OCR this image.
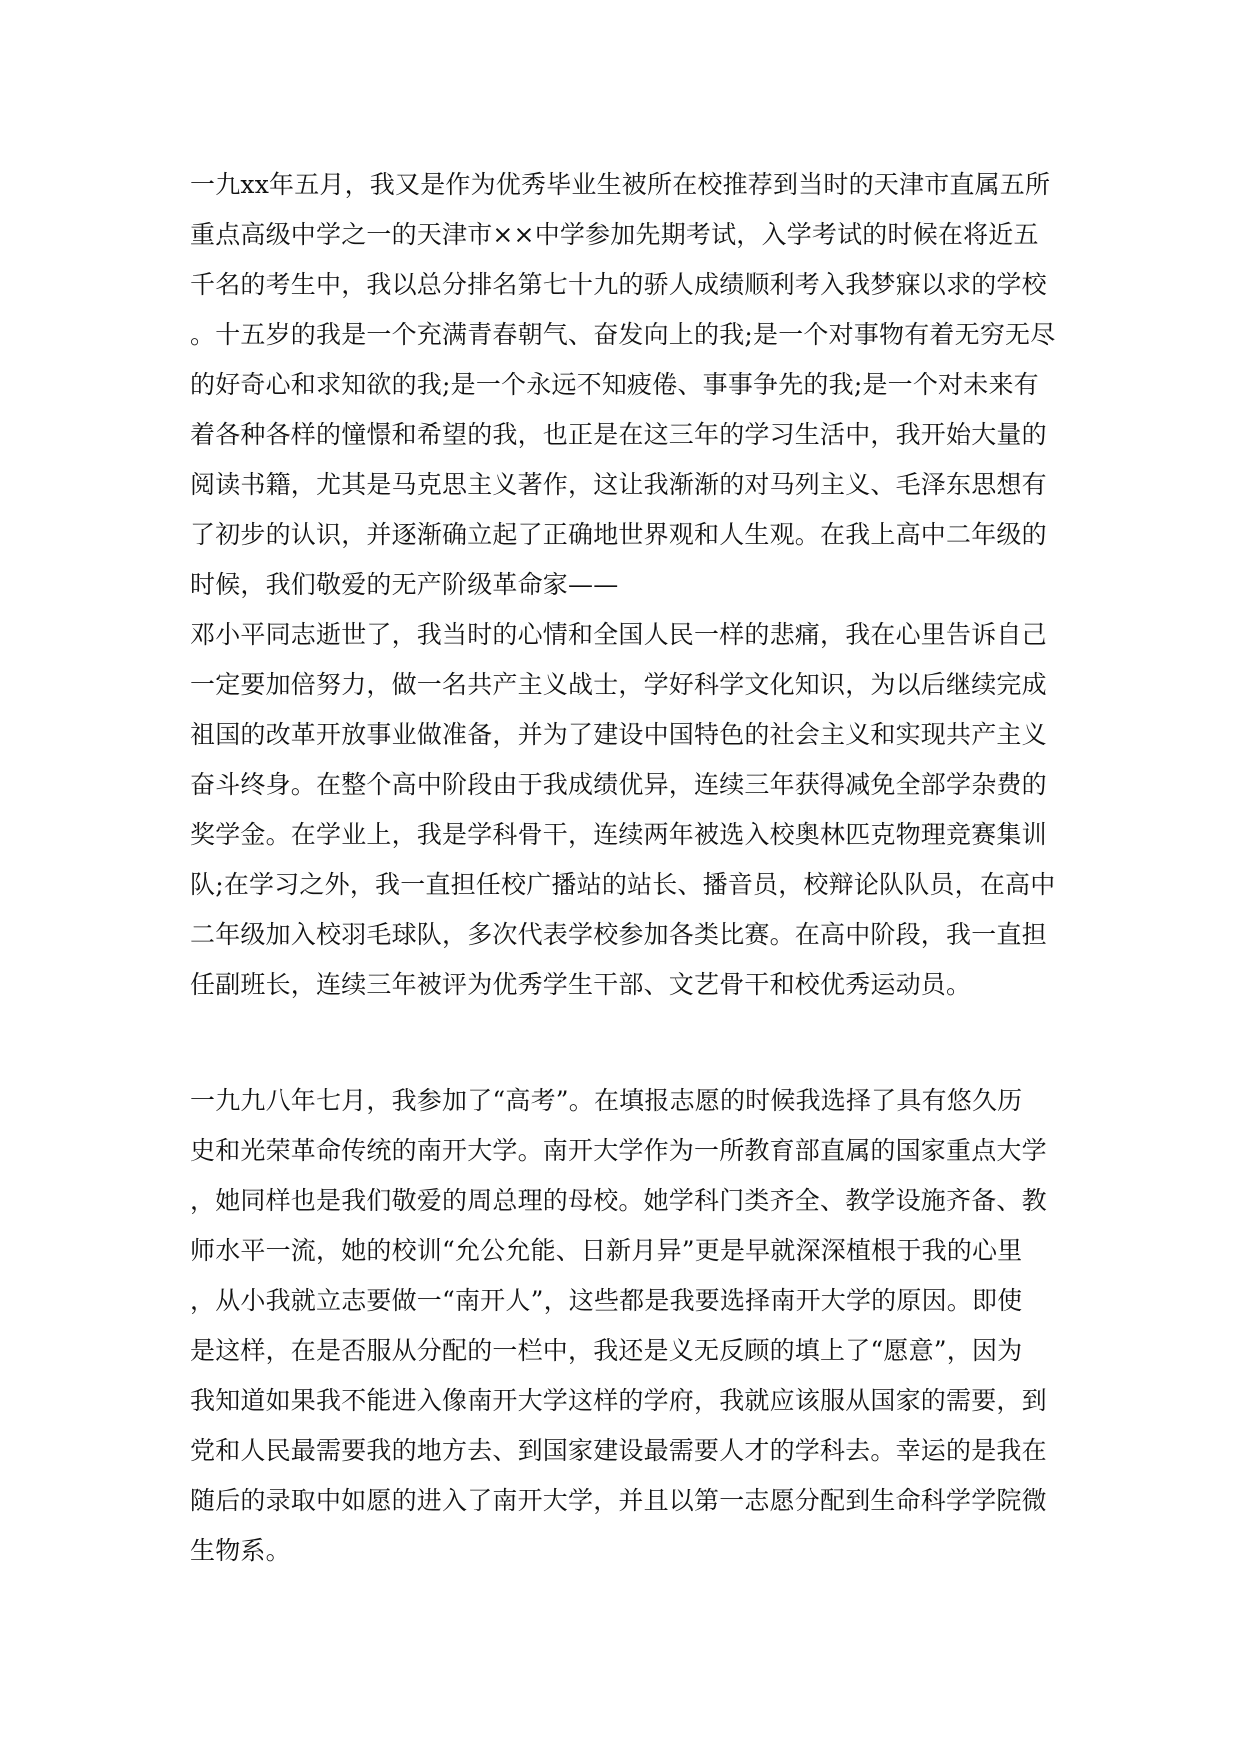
一九xx年五月，我又是作为优秀毕业生被所在校推荐到当时的天津市直属五所
重点高级中学之一的天津市××中学参加先期考试，入学考试的时候在将近五
千名的考生中，我以总分排名第七十九的骄人成绩顺利考入我梦寐以求的学校
。十五岁的我是一个充满青春朝气、奋发向上的我;是一个对事物有着无穷无尽
的好奇心和求知欲的我;是一个永远不知疲倦、事事争先的我;是一个对未来有
着各种各样的憧憬和希望的我，也正是在这三年的学习生活中，我开始大量的
阅读书籍，尤其是马克思主义著作，这让我渐渐的对马列主义、毛泽东思想有
了初步的认识，并逐渐确立起了正确地世界观和人生观。在我上高中二年级的
时候，我们敬爱的无产阶级革命家——
邓小平同志逝世了，我当时的心情和全国人民一样的悲痛，我在心里告诉自己
一定要加倍努力，做一名共产主义战士，学好科学文化知识，为以后继续完成
祖国的改革开放事业做准备，并为了建设中国特色的社会主义和实现共产主义
奋斗终身。在整个高中阶段由于我成绩优异，连续三年获得减免全部学杂费的
奖学金。在学业上，我是学科骨干，连续两年被选入校奥林匹克物理竞赛集训
队;在学习之外，我一直担任校广播站的站长、播音员，校辩论队队员，在高中
二年级加入校羽毛球队，多次代表学校参加各类比赛。在高中阶段，我一直担
任副班长，连续三年被评为优秀学生干部、文艺骨干和校优秀运动员。
一九九八年七月，我参加了“高考”。在填报志愿的时候我选择了具有悠久历
史和光荣革命传统的南开大学。南开大学作为一所教育部直属的国家重点大学
，她同样也是我们敬爱的周总理的母校。她学科门类齐全、教学设施齐备、教
师水平一流，她的校训“允公允能、日新月异”更是早就深深植根于我的心里
，从小我就立志要做一“南开人”，这些都是我要选择南开大学的原因。即使
是这样，在是否服从分配的一栏中，我还是义无反顾的填上了“愿意”，因为
我知道如果我不能进入像南开大学这样的学府，我就应该服从国家的需要，到
党和人民最需要我的地方去、到国家建设最需要人才的学科去。幸运的是我在
随后的录取中如愿的进入了南开大学，并且以第一志愿分配到生命科学学院微
生物系。
